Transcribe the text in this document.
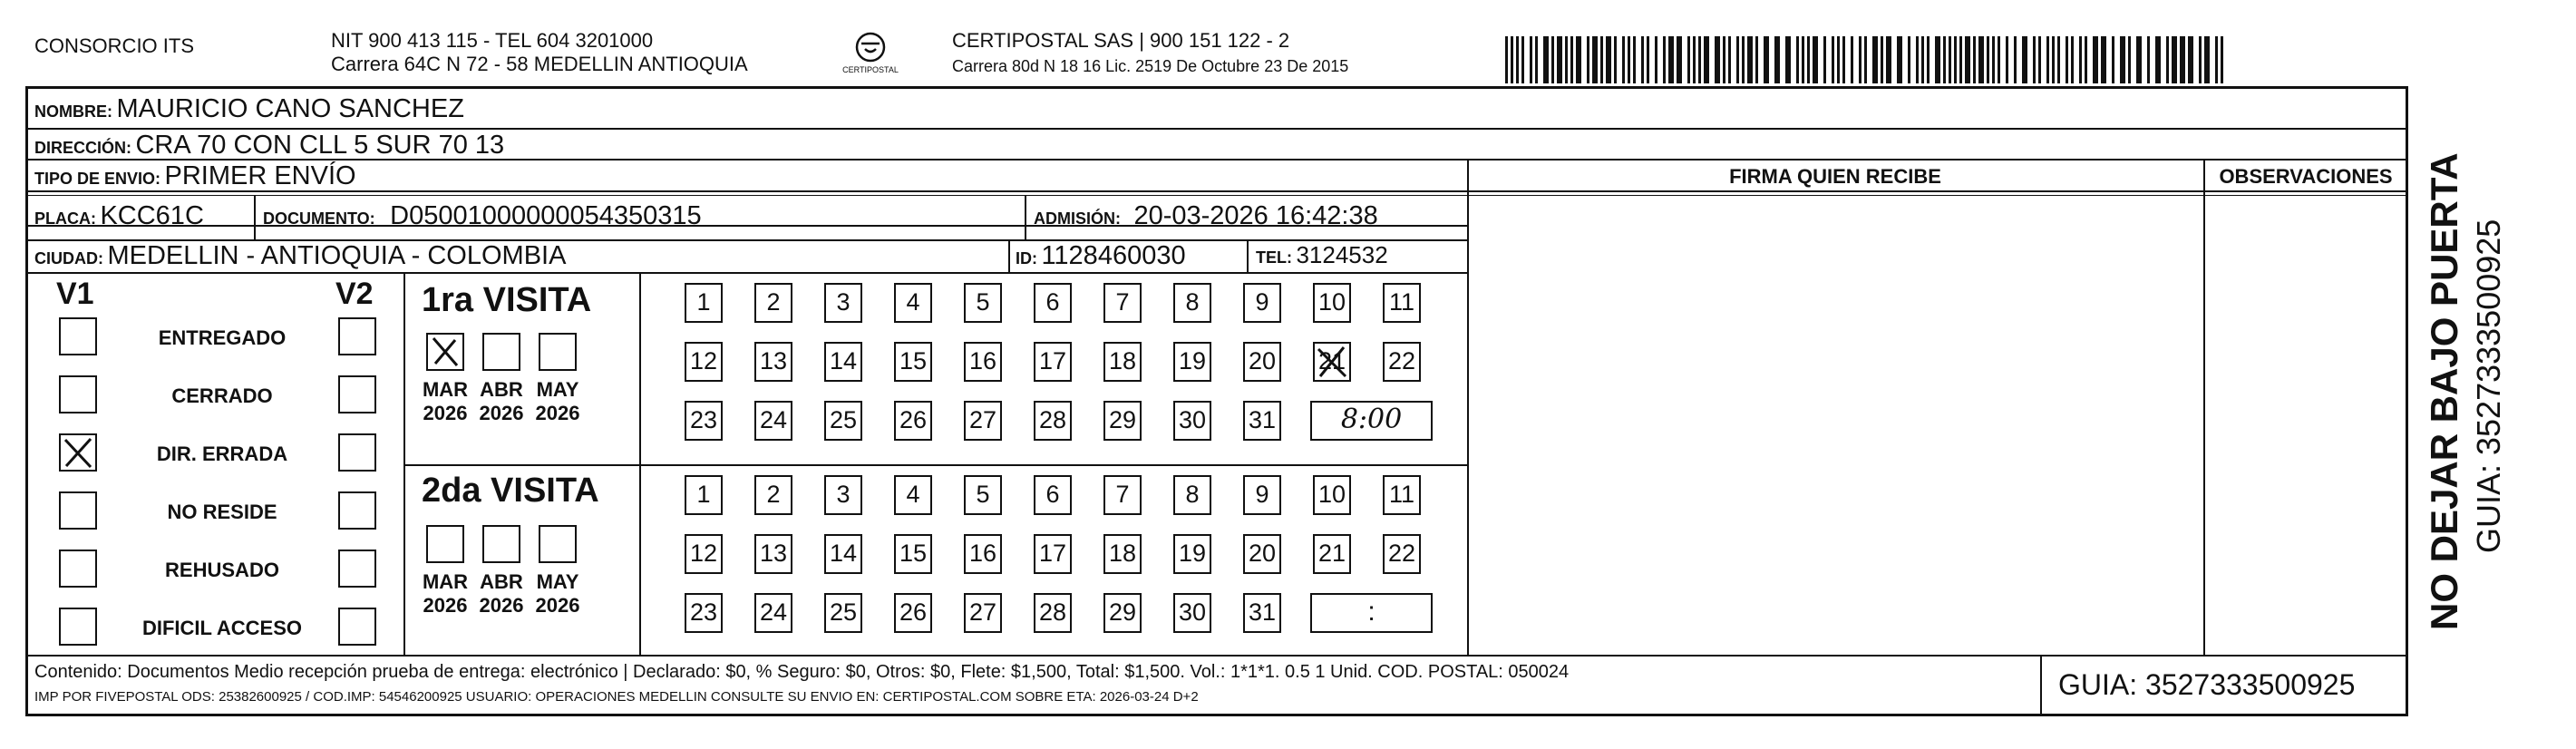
CONSORCIO ITS	NIT 900 413 115 - TEL 604 3201000
Carrera 64C N 72 - 58 MEDELLIN ANTIOQUIA	CERTIPOSTAL
CERTIPOSTAL SAS | 900 151 122 - 2
Carrera 80d N 18 16 Lic. 2519 De Octubre 23 De 2015
NOMBRE: MAURICIO CANO SANCHEZ
DIRECCIÓN: CRA 70 CON CLL 5 SUR 70 13
TIPO DE ENVIO: PRIMER ENVÍO	FIRMA QUIEN RECIBE	OBSERVACIONES
PLACA: KCC61C	DOCUMENTO: D05001000000054350315	ADMISIÓN: 20-03-2026 16:42:38
CIUDAD: MEDELLIN - ANTIOQUIA - COLOMBIA	ID: 1128460030	TEL: 3124532
V1	V2
ENTREGADO
CERRADO
DIR. ERRADA
NO RESIDE
REHUSADO
DIFICIL ACCESO
1ra VISITA
2da VISITA
MAR
2026
ABR
2026
MAY
2026
1	2	3	4	5	6	7	8	9	10 11
12 13 14 15 16 17 18 19 20 21 22
23 24 25 26 27 28 29 30 31	8:00
MAR
2026
ABR
2026
MAY
2026
1	2	3	4	5	6	7	8	9	10 11
12 13 14 15 16 17 18 19 20 21 22
23 24 25 26 27 28 29 30 31	:
Contenido: Documentos Medio recepción prueba de entrega: electrónico | Declarado: $0, % Seguro: $0, Otros: $0, Flete: $1,500, Total: $1,500. Vol.: 1*1*1. 0.5 1 Unid. COD. POSTAL: 050024
IMP POR FIVEPOSTAL ODS: 25382600925 / COD.IMP: 54546200925 USUARIO: OPERACIONES MEDELLIN CONSULTE SU ENVIO EN: CERTIPOSTAL.COM SOBRE ETA: 2026-03-24 D+2	GUIA: 3527333500925
NO DEJAR BAJO PUERTA GUIA: 3527333500925
